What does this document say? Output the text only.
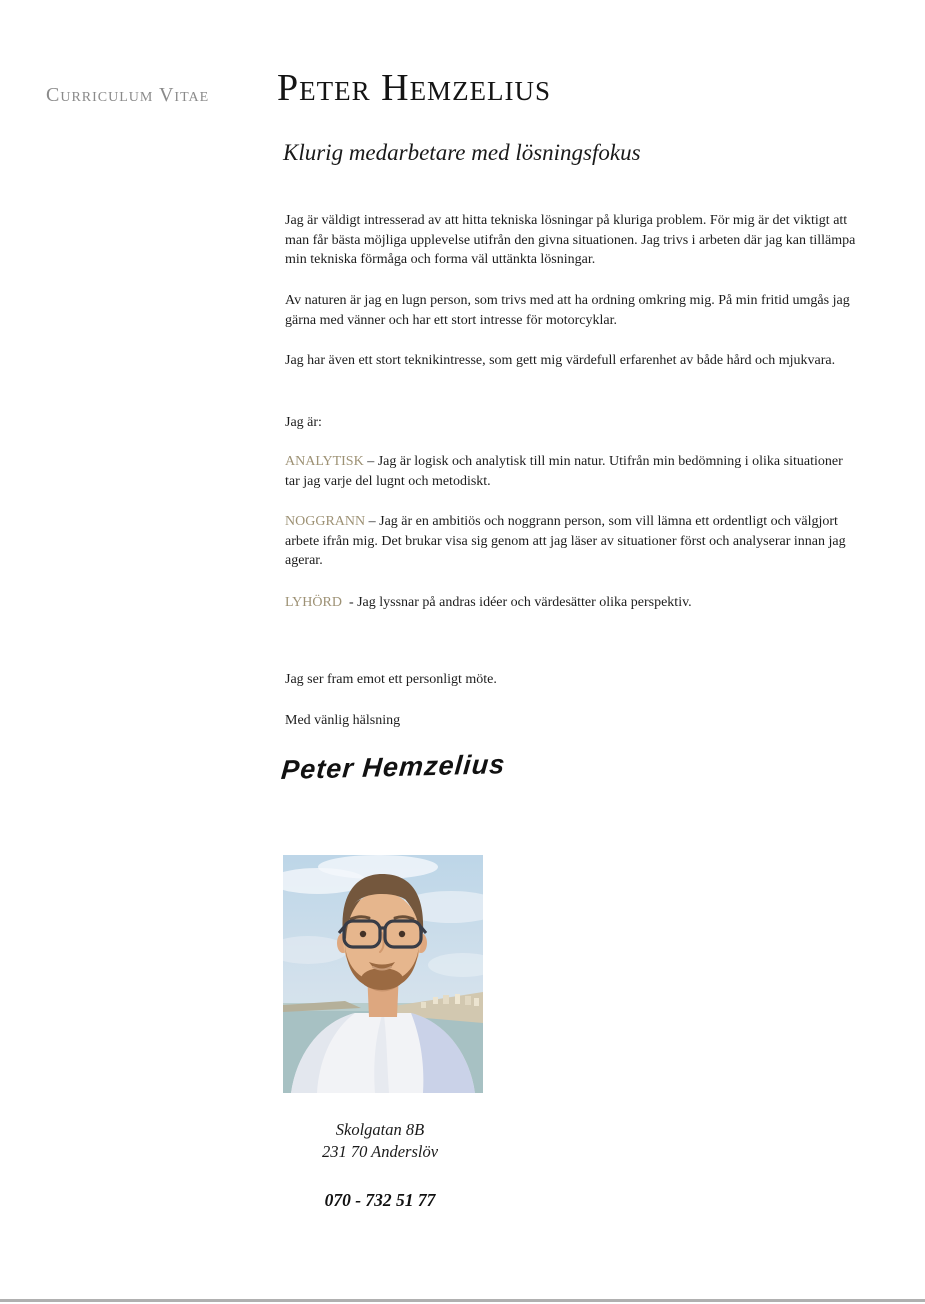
Curriculum Vitae Peter Hemzelius
Klurig medarbetare med lösningsfokus

Jag är väldigt intresserad av att hitta tekniska lösningar på kluriga problem. För mig är det viktigt att man får bästa möjliga upplevelse utifrån den givna situationen. Jag trivs i arbeten där jag kan tillämpa min tekniska förmåga och forma väl uttänkta lösningar.

Av naturen är jag en lugn person, som trivs med att ha ordning omkring mig. På min fritid umgås jag gärna med vänner och har ett stort intresse för motorcyklar.

Jag har även ett stort teknikintresse, som gett mig värdefull erfarenhet av både hård och mjukvara.

Jag är:

ANALYTISK – Jag är logisk och analytisk till min natur. Utifrån min bedömning i olika situationer tar jag varje del lugnt och metodiskt.

NOGGRANN – Jag är en ambitiös och noggrann person, som vill lämna ett ordentligt och välgjort arbete ifrån mig. Det brukar visa sig genom att jag läser av situationer först och analyserar innan jag agerar.

LYHÖRD - Jag lyssnar på andras idéer och värdesätter olika perspektiv.

Jag ser fram emot ett personligt möte.

Med vänlig hälsning

Peter Hemzelius
Skolgatan 8B
231 70 Anderslöv
070 - 732 51 77
